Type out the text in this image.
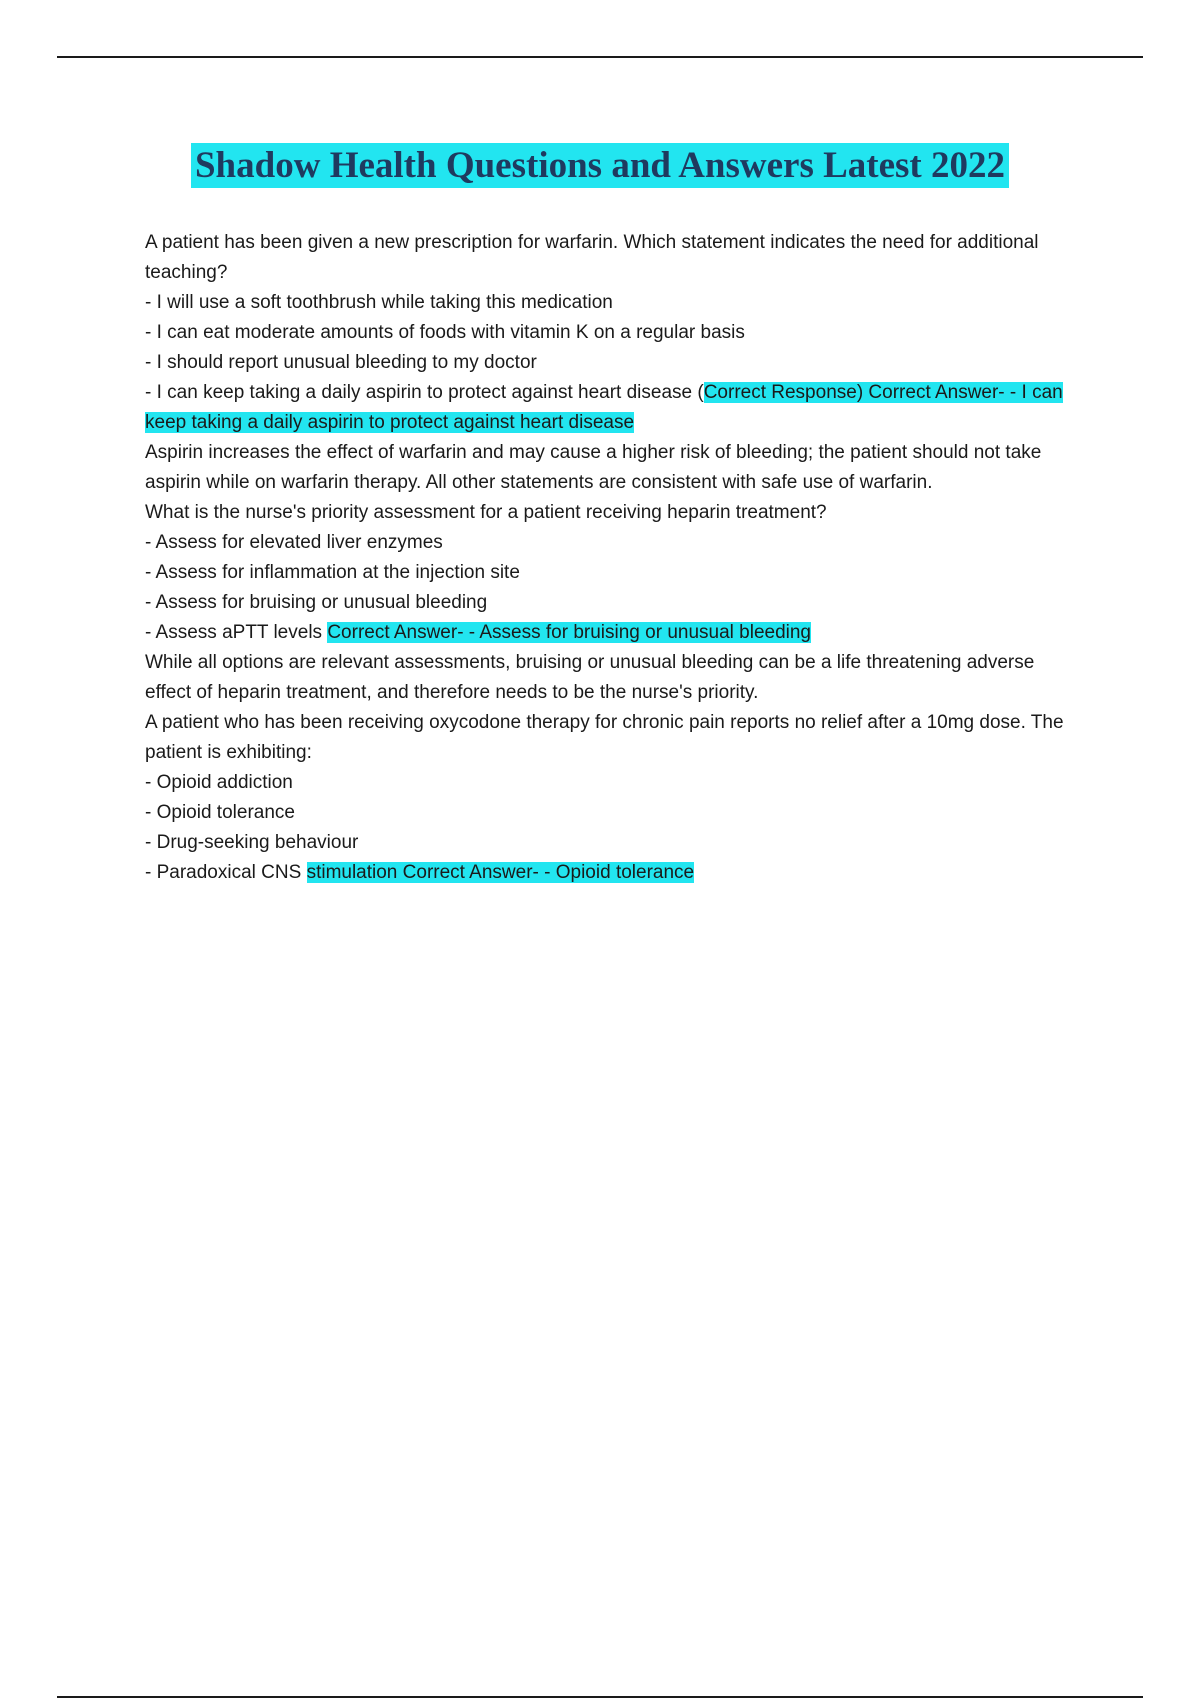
Shadow Health Questions and Answers Latest 2022

A patient has been given a new prescription for warfarin. Which statement indicates the need for additional teaching?

- I will use a soft toothbrush while taking this medication

- I can eat moderate amounts of foods with vitamin K on a regular basis

- I should report unusual bleeding to my doctor

- I can keep taking a daily aspirin to protect against heart disease (Correct Response) Correct Answer- - I can keep taking a daily aspirin to protect against heart disease

Aspirin increases the effect of warfarin and may cause a higher risk of bleeding; the patient should not take aspirin while on warfarin therapy. All other statements are consistent with safe use of warfarin.

What is the nurse's priority assessment for a patient receiving heparin treatment?

- Assess for elevated liver enzymes

- Assess for inflammation at the injection site

- Assess for bruising or unusual bleeding

- Assess aPTT levels Correct Answer- - Assess for bruising or unusual bleeding

While all options are relevant assessments, bruising or unusual bleeding can be a life threatening adverse effect of heparin treatment, and therefore needs to be the nurse's priority.

A patient who has been receiving oxycodone therapy for chronic pain reports no relief after a 10mg dose. The patient is exhibiting:

- Opioid addiction

- Opioid tolerance

- Drug-seeking behaviour

- Paradoxical CNS stimulation Correct Answer- - Opioid tolerance
